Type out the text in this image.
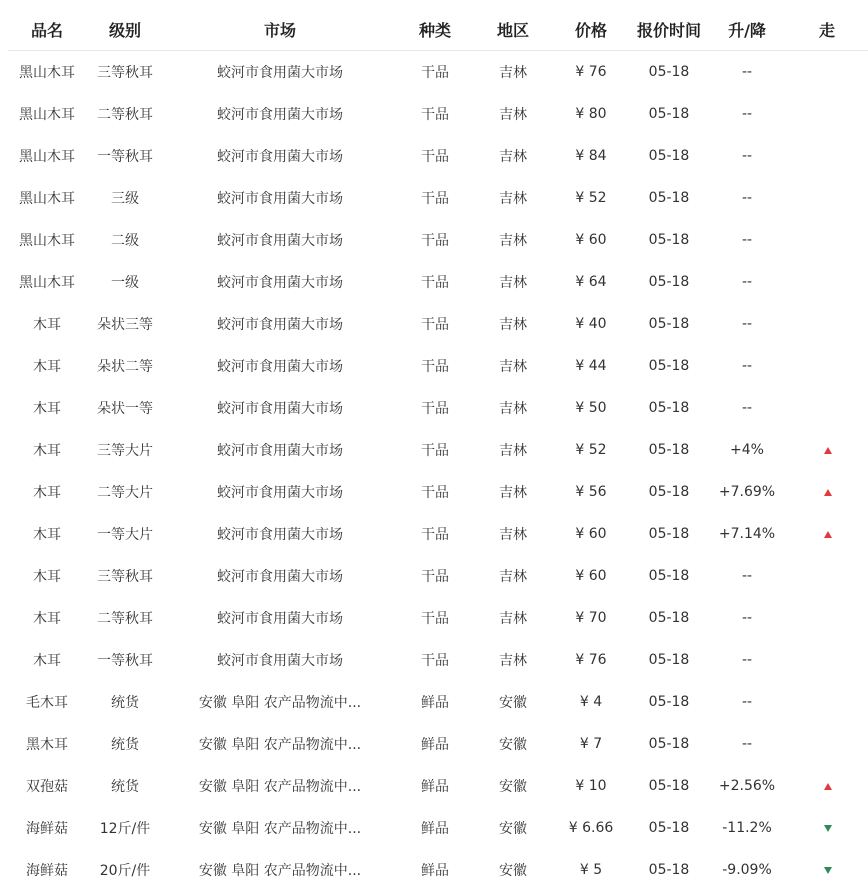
品名	级别	市场	种类	地区	价格	报价时间	升/降	走
黑山木耳	三等秋耳	蛟河市食用菌大市场	干品	吉林	¥ 76	05-18	--	
黑山木耳	二等秋耳	蛟河市食用菌大市场	干品	吉林	¥ 80	05-18	--	
黑山木耳	一等秋耳	蛟河市食用菌大市场	干品	吉林	¥ 84	05-18	--	
黑山木耳	三级	蛟河市食用菌大市场	干品	吉林	¥ 52	05-18	--	
黑山木耳	二级	蛟河市食用菌大市场	干品	吉林	¥ 60	05-18	--	
黑山木耳	一级	蛟河市食用菌大市场	干品	吉林	¥ 64	05-18	--	
木耳	朵状三等	蛟河市食用菌大市场	干品	吉林	¥ 40	05-18	--	
木耳	朵状二等	蛟河市食用菌大市场	干品	吉林	¥ 44	05-18	--	
木耳	朵状一等	蛟河市食用菌大市场	干品	吉林	¥ 50	05-18	--	
木耳	三等大片	蛟河市食用菌大市场	干品	吉林	¥ 52	05-18	+4%	
木耳	二等大片	蛟河市食用菌大市场	干品	吉林	¥ 56	05-18	+7.69%	
木耳	一等大片	蛟河市食用菌大市场	干品	吉林	¥ 60	05-18	+7.14%	
木耳	三等秋耳	蛟河市食用菌大市场	干品	吉林	¥ 60	05-18	--	
木耳	二等秋耳	蛟河市食用菌大市场	干品	吉林	¥ 70	05-18	--	
木耳	一等秋耳	蛟河市食用菌大市场	干品	吉林	¥ 76	05-18	--	
毛木耳	统货	安徽 阜阳 农产品物流中...	鲜品	安徽	¥ 4	05-18	--	
黑木耳	统货	安徽 阜阳 农产品物流中...	鲜品	安徽	¥ 7	05-18	--	
双孢菇	统货	安徽 阜阳 农产品物流中...	鲜品	安徽	¥ 10	05-18	+2.56%	
海鲜菇	12斤/件	安徽 阜阳 农产品物流中...	鲜品	安徽	¥ 6.66	05-18	-11.2%	
海鲜菇	20斤/件	安徽 阜阳 农产品物流中...	鲜品	安徽	¥ 5	05-18	-9.09%	
